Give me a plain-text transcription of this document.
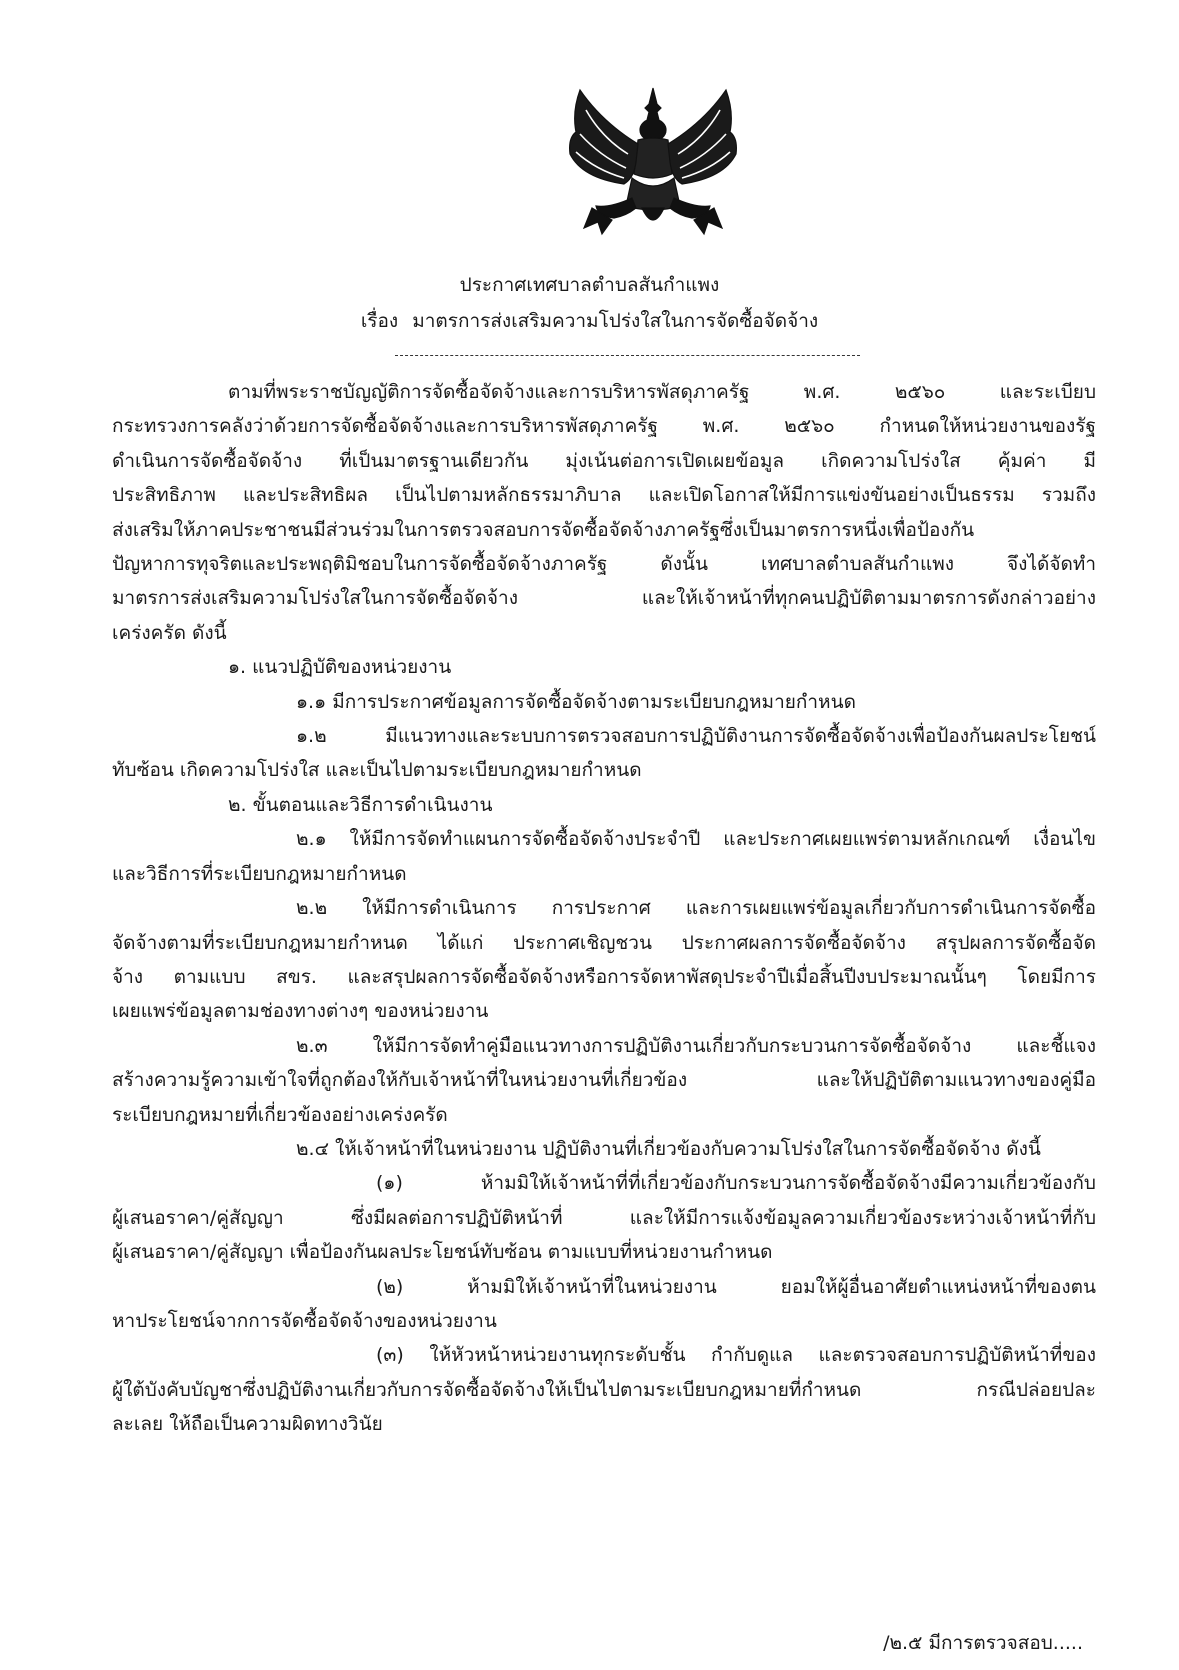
ประกาศเทศบาลตำบลสันกำแพง
เรื่อง มาตรการส่งเสริมความโปร่งใสในการจัดซื้อจัดจ้าง

ตามที่พระราชบัญญัติการจัดซื้อจัดจ้างและการบริหารพัสดุภาครัฐ พ.ศ. ๒๕๖๐ และระเบียบ

กระทรวงการคลังว่าด้วยการจัดซื้อจัดจ้างและการบริหารพัสดุภาครัฐ พ.ศ. ๒๕๖๐ กำหนดให้หน่วยงานของรัฐ

ดำเนินการจัดซื้อจัดจ้าง ที่เป็นมาตรฐานเดียวกัน มุ่งเน้นต่อการเปิดเผยข้อมูล เกิดความโปร่งใส คุ้มค่า มี

ประสิทธิภาพ และประสิทธิผล เป็นไปตามหลักธรรมาภิบาล และเปิดโอกาสให้มีการแข่งขันอย่างเป็นธรรม รวมถึง

ส่งเสริมให้ภาคประชาชนมีส่วนร่วมในการตรวจสอบการจัดซื้อจัดจ้างภาครัฐซึ่งเป็นมาตรการหนึ่งเพื่อป้องกัน

ปัญหาการทุจริตและประพฤติมิชอบในการจัดซื้อจัดจ้างภาครัฐ ดังนั้น เทศบาลตำบลสันกำแพง จึงได้จัดทำ

มาตรการส่งเสริมความโปร่งใสในการจัดซื้อจัดจ้าง และให้เจ้าหน้าที่ทุกคนปฏิบัติตามมาตรการดังกล่าวอย่าง

เคร่งครัด ดังนี้

๑. แนวปฏิบัติของหน่วยงาน

๑.๑ มีการประกาศข้อมูลการจัดซื้อจัดจ้างตามระเบียบกฎหมายกำหนด

๑.๒ มีแนวทางและระบบการตรวจสอบการปฏิบัติงานการจัดซื้อจัดจ้างเพื่อป้องกันผลประโยชน์

ทับซ้อน เกิดความโปร่งใส และเป็นไปตามระเบียบกฎหมายกำหนด

๒. ขั้นตอนและวิธีการดำเนินงาน

๒.๑ ให้มีการจัดทำแผนการจัดซื้อจัดจ้างประจำปี และประกาศเผยแพร่ตามหลักเกณฑ์ เงื่อนไข

และวิธีการที่ระเบียบกฎหมายกำหนด

๒.๒ ให้มีการดำเนินการ การประกาศ และการเผยแพร่ข้อมูลเกี่ยวกับการดำเนินการจัดซื้อ

จัดจ้างตามที่ระเบียบกฎหมายกำหนด ได้แก่ ประกาศเชิญชวน ประกาศผลการจัดซื้อจัดจ้าง สรุปผลการจัดซื้อจัด

จ้าง ตามแบบ สขร. และสรุปผลการจัดซื้อจัดจ้างหรือการจัดหาพัสดุประจำปีเมื่อสิ้นปีงบประมาณนั้นๆ โดยมีการ

เผยแพร่ข้อมูลตามช่องทางต่างๆ ของหน่วยงาน

๒.๓ ให้มีการจัดทำคู่มือแนวทางการปฏิบัติงานเกี่ยวกับกระบวนการจัดซื้อจัดจ้าง และชี้แจง

สร้างความรู้ความเข้าใจที่ถูกต้องให้กับเจ้าหน้าที่ในหน่วยงานที่เกี่ยวข้อง และให้ปฏิบัติตามแนวทางของคู่มือ

ระเบียบกฎหมายที่เกี่ยวข้องอย่างเคร่งครัด

๒.๔ ให้เจ้าหน้าที่ในหน่วยงาน ปฏิบัติงานที่เกี่ยวข้องกับความโปร่งใสในการจัดซื้อจัดจ้าง ดังนี้

(๑) ห้ามมิให้เจ้าหน้าที่ที่เกี่ยวข้องกับกระบวนการจัดซื้อจัดจ้างมีความเกี่ยวข้องกับ

ผู้เสนอราคา/คู่สัญญา ซึ่งมีผลต่อการปฏิบัติหน้าที่ และให้มีการแจ้งข้อมูลความเกี่ยวข้องระหว่างเจ้าหน้าที่กับ

ผู้เสนอราคา/คู่สัญญา เพื่อป้องกันผลประโยชน์ทับซ้อน ตามแบบที่หน่วยงานกำหนด

(๒) ห้ามมิให้เจ้าหน้าที่ในหน่วยงาน ยอมให้ผู้อื่นอาศัยตำแหน่งหน้าที่ของตน

หาประโยชน์จากการจัดซื้อจัดจ้างของหน่วยงาน

(๓) ให้หัวหน้าหน่วยงานทุกระดับชั้น กำกับดูแล และตรวจสอบการปฏิบัติหน้าที่ของ

ผู้ใต้บังคับบัญชาซึ่งปฏิบัติงานเกี่ยวกับการจัดซื้อจัดจ้างให้เป็นไปตามระเบียบกฎหมายที่กำหนด กรณีปล่อยปละ

ละเลย ให้ถือเป็นความผิดทางวินัย

/๒.๕ มีการตรวจสอบ.....
